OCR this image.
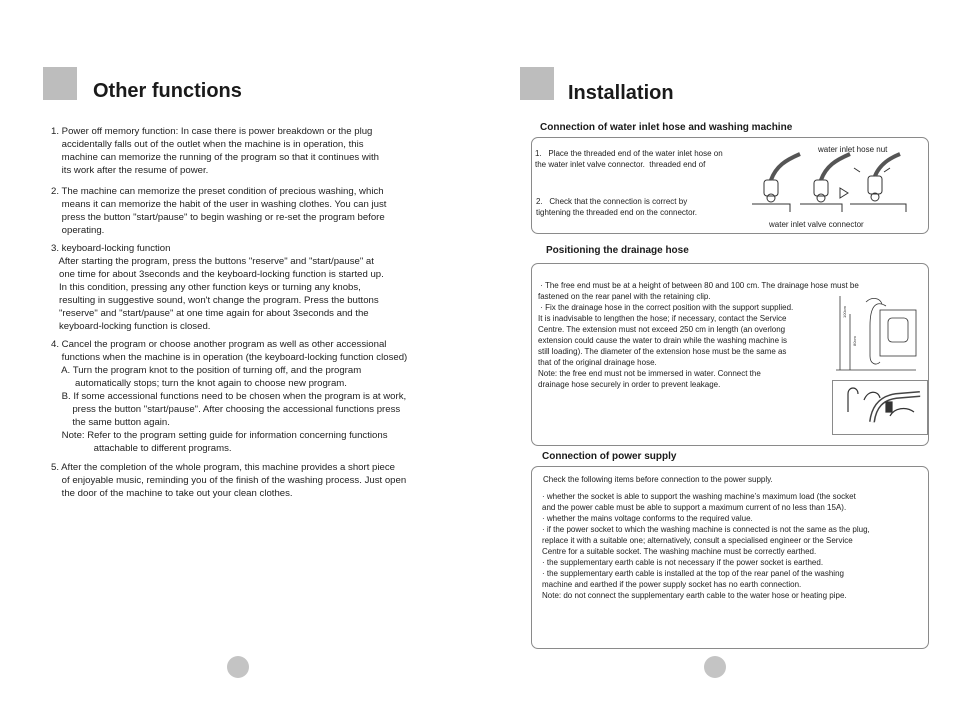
Other functions
1. Power off memory function: In case there is power breakdown or the plug
accidentally falls out of the outlet when the machine is in operation, this
machine can memorize the running of the program so that it continues with
its work after the resume of power.
2. The machine can memorize the preset condition of precious washing, which
means it can memorize the habit of the user in washing clothes. You can just
press the button "start/pause" to begin washing or re-set the program before
operating.
3. keyboard-locking function
After starting the program, press the buttons "reserve" and "start/pause" at
one time for about 3seconds and the keyboard-locking function is started up.
In this condition, pressing any other function keys or turning any knobs,
resulting in suggestive sound, won't change the program. Press the buttons
"reserve" and "start/pause" at one time again for about 3seconds and the
keyboard-locking function is closed.
4. Cancel the program or choose another program as well as other accessional
functions when the machine is in operation (the keyboard-locking function closed)
A. Turn the program knot to the position of turning off, and the program
automatically stops; turn the knot again to choose new program.
B. If some accessional functions need to be chosen when the program is at work,
press the button "start/pause". After choosing the accessional functions press
the same button again.
Note: Refer to the program setting guide for information concerning functions
attachable to different programs.
5. After the completion of the whole program, this machine provides a short piece
of enjoyable music, reminding you of the finish of the washing process. Just open
the door of the machine to take out your clean clothes.
Installation
Connection of water inlet hose and washing machine
1.   Place the threaded end of the water inlet hose on
the water inlet valve connector.  threaded end of
2.   Check that the connection is correct by
tightening the threaded end on the connector.
water inlet hose nut
water inlet valve connector
Positioning the drainage hose
· The free end must be at a height of between 80 and 100 cm. The drainage hose must be
fastened on the rear panel with the retaining clip.
· Fix the drainage hose in the correct position with the support supplied.
It is inadvisable to lengthen the hose; if necessary, contact the Service
Centre. The extension must not exceed 250 cm in length (an overlong
extension could cause the water to drain while the washing machine is
still loading). The diameter of the extension hose must be the same as
that of the original drainage hose.
Note: the free end must not be immersed in water. Connect the
drainage hose securely in order to prevent leakage.
100cm
80cm
Connection of power supply
Check the following items before connection to the power supply.
· whether the socket is able to support the washing machine’s maximum load (the socket
and the power cable must be able to support a maximum current of no less than 15A).
· whether the mains voltage conforms to the required value.
· if the power socket to which the washing machine is connected is not the same as the plug,
replace it with a suitable one; alternatively, consult a specialised engineer or the Service
Centre for a suitable socket. The washing machine must be correctly earthed.
· the supplementary earth cable is not necessary if the power socket is earthed.
· the supplementary earth cable is installed at the top of the rear panel of the washing
machine and earthed if the power supply socket has no earth connection.
Note: do not connect the supplementary earth cable to the water hose or heating pipe.
